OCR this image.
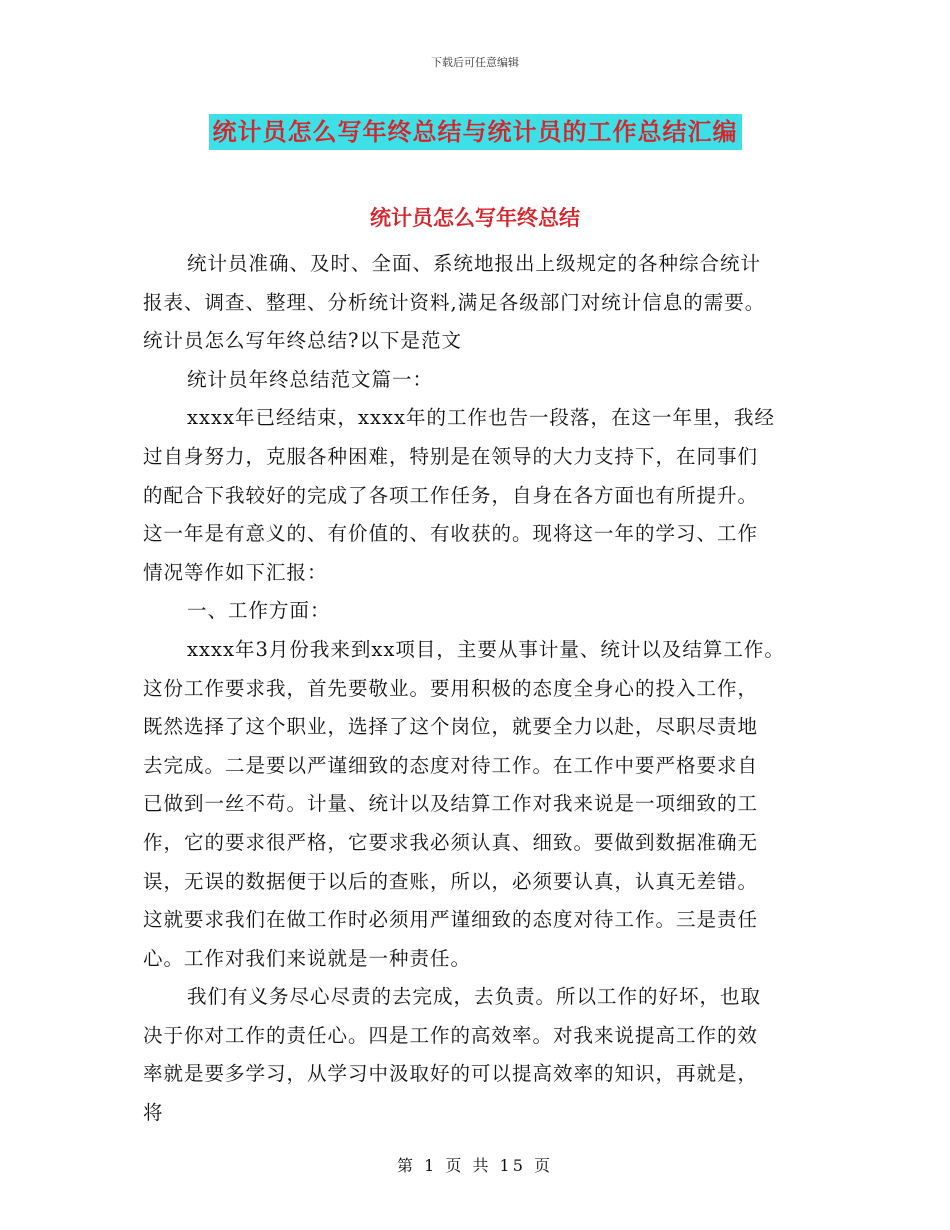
下载后可任意编辑
统计员怎么写年终总结与统计员的工作总结汇编
统计员怎么写年终总结
统计员准确、及时、全面、系统地报出上级规定的各种综合统计
报表、调查、整理、分析统计资料,满足各级部门对统计信息的需要。
统计员怎么写年终总结?以下是范文
统计员年终总结范文篇一：
xxxx年已经结束，xxxx年的工作也告一段落，在这一年里，我经
过自身努力，克服各种困难，特别是在领导的大力支持下，在同事们
的配合下我较好的完成了各项工作任务，自身在各方面也有所提升。
这一年是有意义的、有价值的、有收获的。现将这一年的学习、工作
情况等作如下汇报：
一、工作方面：
xxxx年3月份我来到xx项目，主要从事计量、统计以及结算工作。
这份工作要求我，首先要敬业。要用积极的态度全身心的投入工作，
既然选择了这个职业，选择了这个岗位，就要全力以赴，尽职尽责地
去完成。二是要以严谨细致的态度对待工作。在工作中要严格要求自
已做到一丝不苟。计量、统计以及结算工作对我来说是一项细致的工
作，它的要求很严格，它要求我必须认真、细致。要做到数据准确无
误，无误的数据便于以后的查账，所以，必须要认真，认真无差错。
这就要求我们在做工作时必须用严谨细致的态度对待工作。三是责任
心。工作对我们来说就是一种责任。
我们有义务尽心尽责的去完成，去负责。所以工作的好坏，也取
决于你对工作的责任心。四是工作的高效率。对我来说提高工作的效
率就是要多学习，从学习中汲取好的可以提高效率的知识，再就是，
将
第 1 页 共 15 页
